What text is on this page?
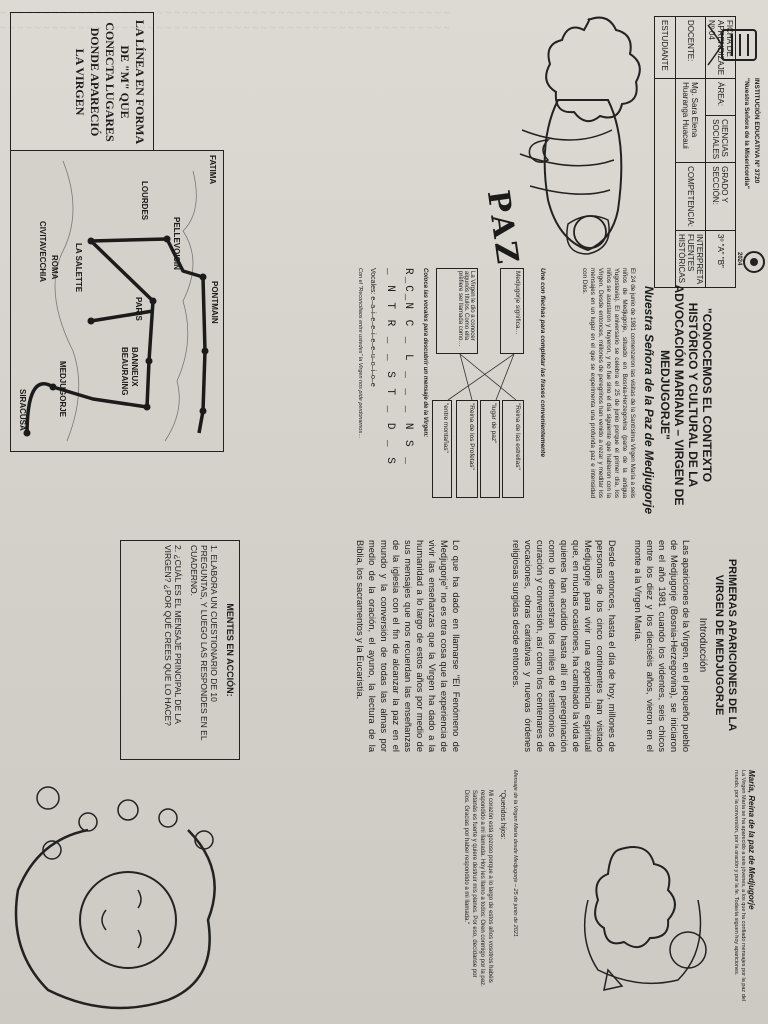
~ ~ ~ ~ ~ ~ ~ ~ ~ ~ ~ ~ ~ ~ ~ ~ ~ ~ ~ ~ ~ ~ ~ ~ ~ ~ ~ ~ ~ ~ ~ ~ ~ ~ ~ ~ ~ ~ ~ ~ ~ ~ ~ ~ ~ ~ ~ ~ ~ ~ ~ ~
~ ~ ~ ~ ~ ~ ~ ~ ~ ~ ~ ~ ~ ~ ~ ~ ~ ~ ~ ~ ~ ~ ~ ~ ~ ~ ~ ~ ~ ~ ~ ~ ~ ~ ~ ~ ~ ~ ~ ~ ~ ~ ~ ~ ~ ~ ~ ~ ~ ~ ~ ~
INSTITUCIÓN EDUCATIVA Nº 3720
"Nuestra Señora de la Misericordia"
FICHA DE APRENDIZAJE Nº 04	ÁREA:	CIENCIAS SOCIALES	GRADO Y SECCIÓN:	3º "A" "B"
DOCENTE:	Mg. Sara Elena Huaranga Huacaui		COMPETENCIA:	INTERPRETA FUENTES HISTÓRICAS
ESTUDIANTE				
2024
"CONOCEMOS EL CONTEXTO HISTÓRICO Y CULTURAL DE LA ADVOCACIÓN MARIANA – VIRGEN DE MEDJUGORJE"
Nuestra Señora de la Paz de Medjugorje
El 24 de junio de 1981 comenzaron las visitas de la Santísima Virgen María a seis niños de Medjugorje, situado en Bosnia-Herzegovina (parte de la antigua Yugoslavia). El aniversario se celebra el 25 de junio porque el primer día, los niños se asustaron y huyeron, y no fue sino el día siguiente que hablaron con la Virgen. Desde entonces, millones de peregrinos han venido a rezar y meditar los mensajes en un lugar en el que se experimenta una profunda paz e intensidad con Dios.
Une con flechas para completar las frases convenientemente
Medjugorje significa…
La Virgen le dio a conocer algunos títulos. Como ella prefiere ser llamada como…
"Reina de las estrellas"
"lugar de paz"
"Reina de los Profetas"
"entre montañas"
Coloca las vocales para descubrir un mensaje de la Virgen:
R_C_N C _ L _ _ _ N S _
_ N T R _ _ S T _ D _ S
Vocales: e–a–i–e–e–i–e–e–u–o–i–o–e
Con el "Reconciliaos entre ustedes" la Virgen nos pide perdonarnos…
PAZ
LA LÍNEA EN FORMA DE "M" QUE CONECTA LUGARES DONDE APARECIÓ LA VIRGEN
FATIMA
PELLEVOISIN
LOURDES
PONTMAIN
PARIS
BANNEUX
BEAURAING
LA SALETTE
ROMA
CIVITAVECCHIA
MEDJUGORJE
SIRACUSA
PRIMERAS APARICIONES DE LA VIRGEN DE MEDJUGORJE
Introducción
Las apariciones de la Virgen, en el pequeño pueblo de Medjugorje (Bosnia-Herzegovina), se iniciaron en el año 1981 cuando los videntes, seis chicos entre los diez y los dieciséis años, vieron en el monte a la Virgen María.
Desde entonces, hasta el día de hoy, millones de personas de los cinco continentes han visitado Medjugorje para vivir una experiencia espiritual que, en muchas ocasiones, ha cambiado la vida de quienes han acudido hasta allí en peregrinación como lo demuestran los miles de testimonios de curación y conversión, así como los centenares de vocaciones, obras caritativas y nuevas órdenes religiosas surgidas desde entonces.
Lo que ha dado en llamarse "El Fenómeno de Medjugorje" no es otra cosa que la experiencia de vivir las enseñanzas que la Virgen ha dado a la humanidad a lo largo de estos años por medio de sus mensajes que nos recuerdan las enseñanzas de la iglesia con el fin de alcanzar la paz en el mundo y la conversión de todas las almas por medio de la oración, el ayuno, la lectura de la Biblia, los sacramentos y la Eucaristía.
MENTES EN ACCIÓN:
1. ELABORA UN CUESTIONARIO DE 10 PREGUNTAS, Y LUEGO LAS RESPONDES EN EL CUADERNO.
2. ¿CUÁL ES EL MENSAJE PRINCIPAL DE LA VIRGEN? ¿POR QUÉ CREES QUE LO HACE?
María, Reina de la paz de Medjugorje
La Virgen María se ha aparecido a seis jóvenes, a los que ha confiado mensajes por la paz del mundo, por la conversión, por la oración y por la fe. Todavía siguen hoy apariciones.
Mensaje de la Virgen María desde Medjugorje – 25 de junio de 2021
"Queridos hijos:
Mi corazón está gozoso porque a lo largo de estos años vosotros habéis respondido a mi llamada. Hoy les llamo a todos: Oren conmigo por la paz. Satanás es fuerte y quiere destruir mis planes. Por eso, decídanse por Dios. Gracias por haber respondido a mi llamada."
